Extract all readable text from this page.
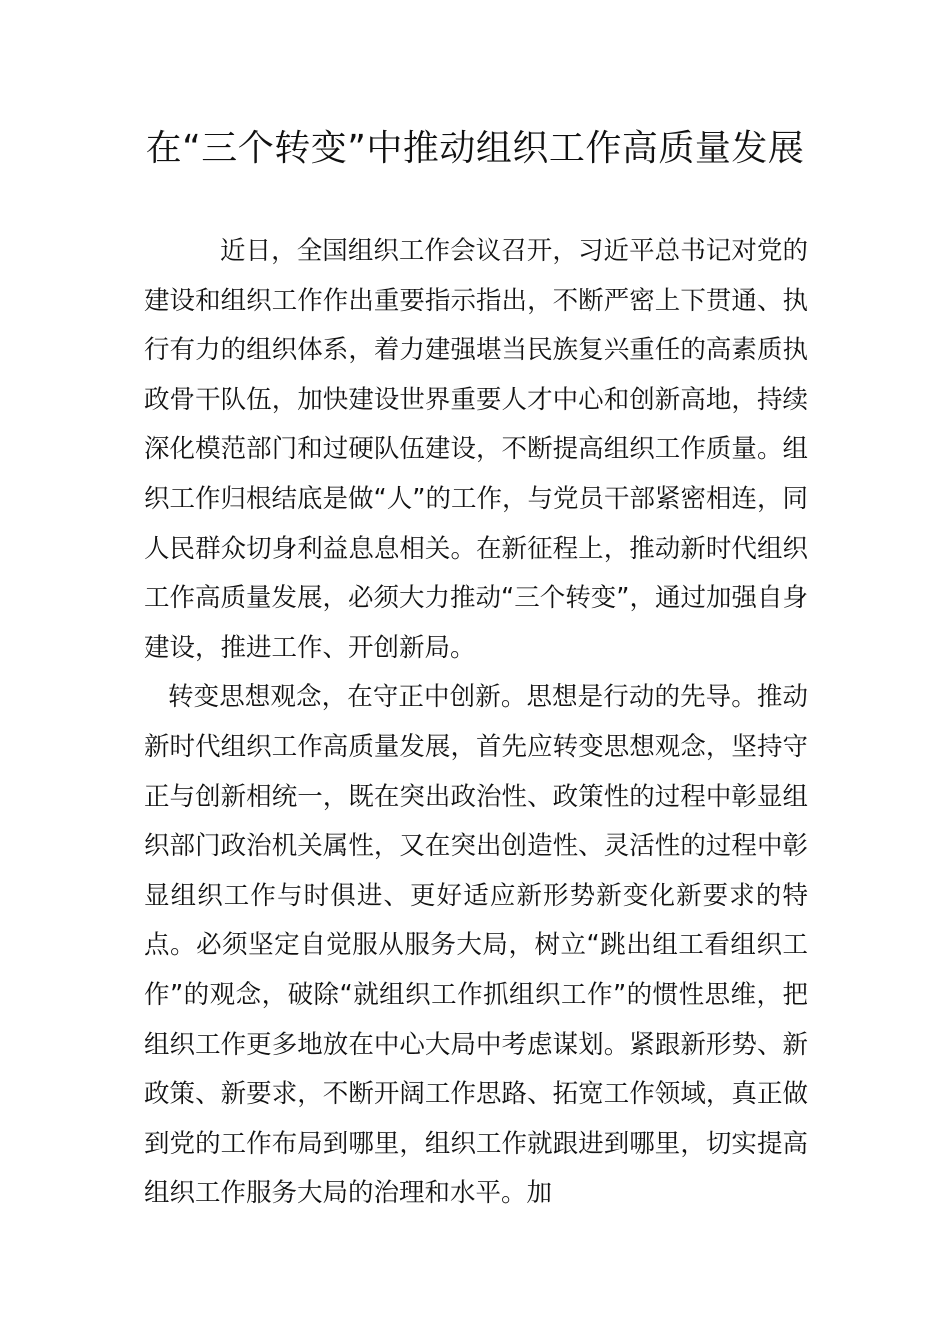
在“三个转变”中推动组织工作高质量发展

近日，全国组织工作会议召开，习近平总书记对党的建设和组织工作作出重要指示指出，不断严密上下贯通、执行有力的组织体系，着力建强堪当民族复兴重任的高素质执政骨干队伍，加快建设世界重要人才中心和创新高地，持续深化模范部门和过硬队伍建设，不断提高组织工作质量。组织工作归根结底是做“人”的工作，与党员干部紧密相连，同人民群众切身利益息息相关。在新征程上，推动新时代组织工作高质量发展，必须大力推动“三个转变”，通过加强自身建设，推进工作、开创新局。

转变思想观念，在守正中创新。思想是行动的先导。推动新时代组织工作高质量发展，首先应转变思想观念，坚持守正与创新相统一，既在突出政治性、政策性的过程中彰显组织部门政治机关属性，又在突出创造性、灵活性的过程中彰显组织工作与时俱进、更好适应新形势新变化新要求的特点。必须坚定自觉服从服务大局，树立“跳出组工看组织工作”的观念，破除“就组织工作抓组织工作”的惯性思维，把组织工作更多地放在中心大局中考虑谋划。紧跟新形势、新政策、新要求，不断开阔工作思路、拓宽工作领域，真正做到党的工作布局到哪里，组织工作就跟进到哪里，切实提高组织工作服务大局的治理和水平。加
